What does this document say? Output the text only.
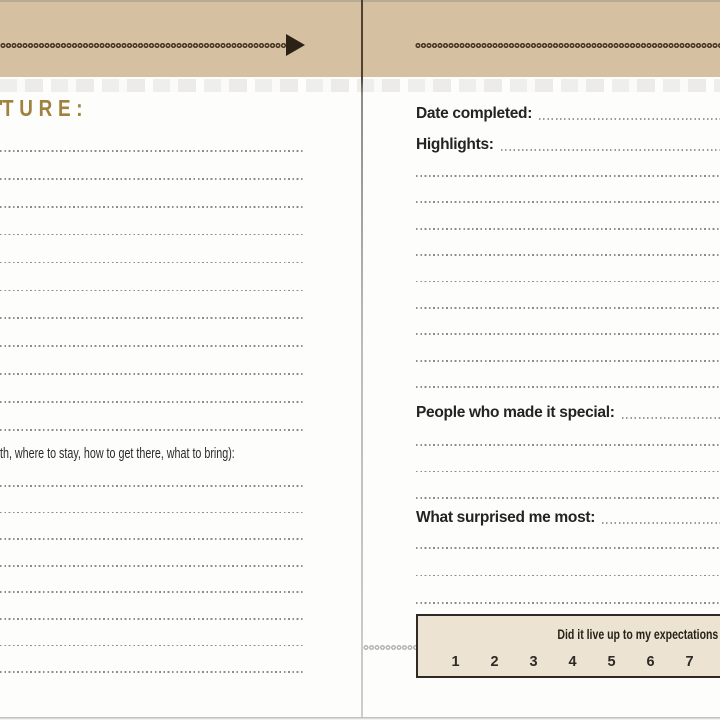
TURE:
th, where to stay, how to get there, what to bring):
Date completed:
Highlights:
People who made it special:
What surprised me most:
Did it live up to my expectations
1	2	3	4	5	6	7
